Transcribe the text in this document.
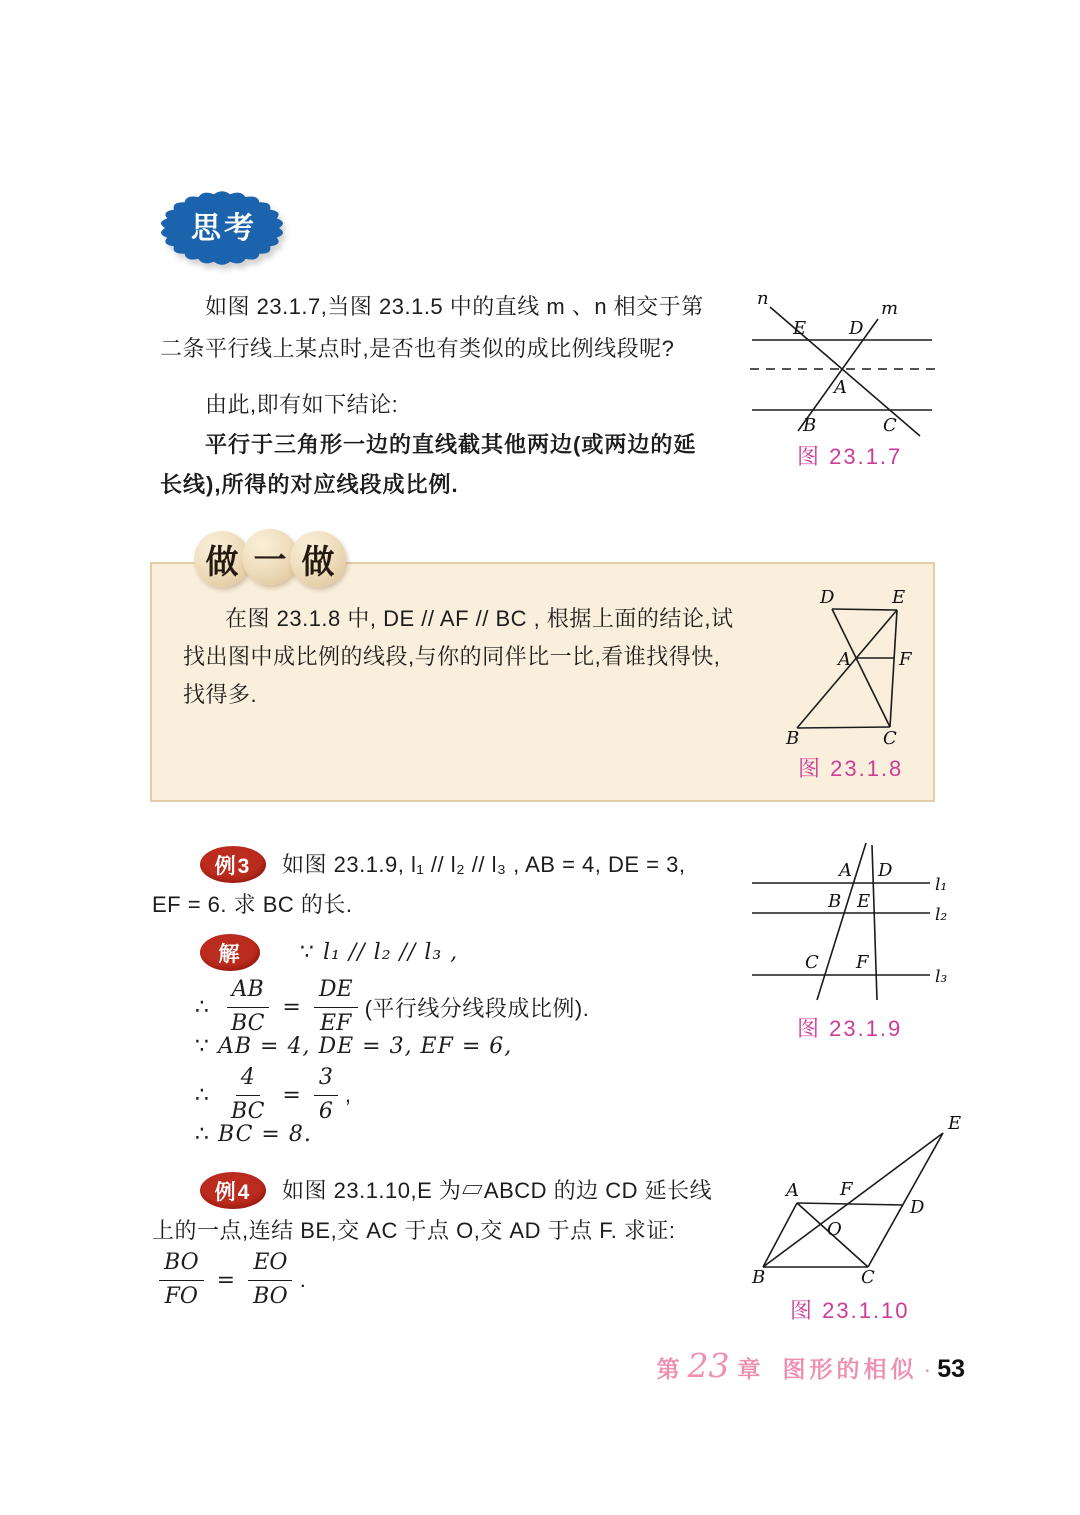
思考
如图 23.1.7,当图 23.1.5 中的直线 m 、n 相交于第
二条平行线上某点时,是否也有类似的成比例线段呢?
由此,即有如下结论:
平行于三角形一边的直线截其他两边(或两边的延
长线),所得的对应线段成比例.
n	m
E D
A
B	C
图 23.1.7
做 一 做
在图 23.1.8 中, DE // AF // BC , 根据上面的结论,试
找出图中成比例的线段,与你的同伴比一比,看谁找得快,
找得多.
D	E
A	F
B	C
图 23.1.8
例3	如图 23.1.9, l₁ // l₂ // l₃ , AB = 4, DE = 3,
EF = 6. 求 BC 的长.
解	∵ l₁ // l₂ // l₃ ,
∴ $\frac{AB}{BC} = \frac{DE}{EF}$ (平行线分线段成比例).
∵ AB = 4, DE = 3, EF = 6,
∴ $\frac{4}{BC} = \frac{3}{6}$ ,
∴ BC = 8.
A D
B E
C F
l₁
l₂
l₃
图 23.1.9
例4	如图 23.1.10,E 为▱ABCD 的边 CD 延长线
上的一点,连结 BE,交 AC 于点 O,交 AD 于点 F. 求证:
$\frac{BO}{FO} = \frac{EO}{BO}$ .
E
A F
D
O
B	C
图 23.1.10
第 23 章 图形的相似 · 53
